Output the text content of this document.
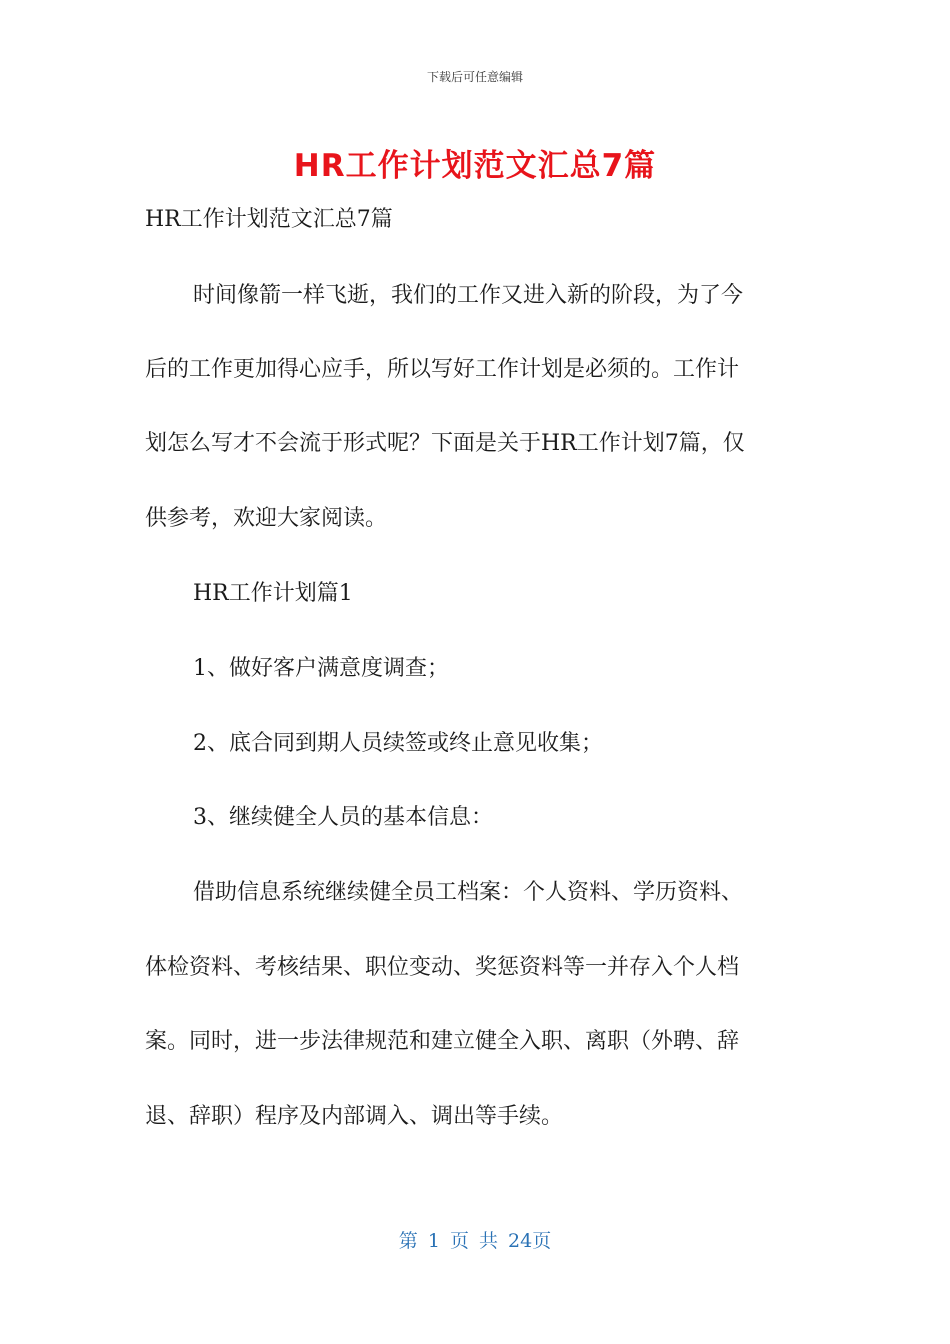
下载后可任意编辑
HR工作计划范文汇总7篇
HR工作计划范文汇总7篇
时间像箭一样飞逝，我们的工作又进入新的阶段，为了今
后的工作更加得心应手，所以写好工作计划是必须的。工作计
划怎么写才不会流于形式呢？下面是关于HR工作计划7篇，仅
供参考，欢迎大家阅读。
HR工作计划篇1
1、做好客户满意度调查；
2、底合同到期人员续签或终止意见收集；
3、继续健全人员的基本信息：
借助信息系统继续健全员工档案：个人资料、学历资料、
体检资料、考核结果、职位变动、奖惩资料等一并存入个人档
案。同时，进一步法律规范和建立健全入职、离职（外聘、辞
退、辞职）程序及内部调入、调出等手续。
第 1 页 共 24页
